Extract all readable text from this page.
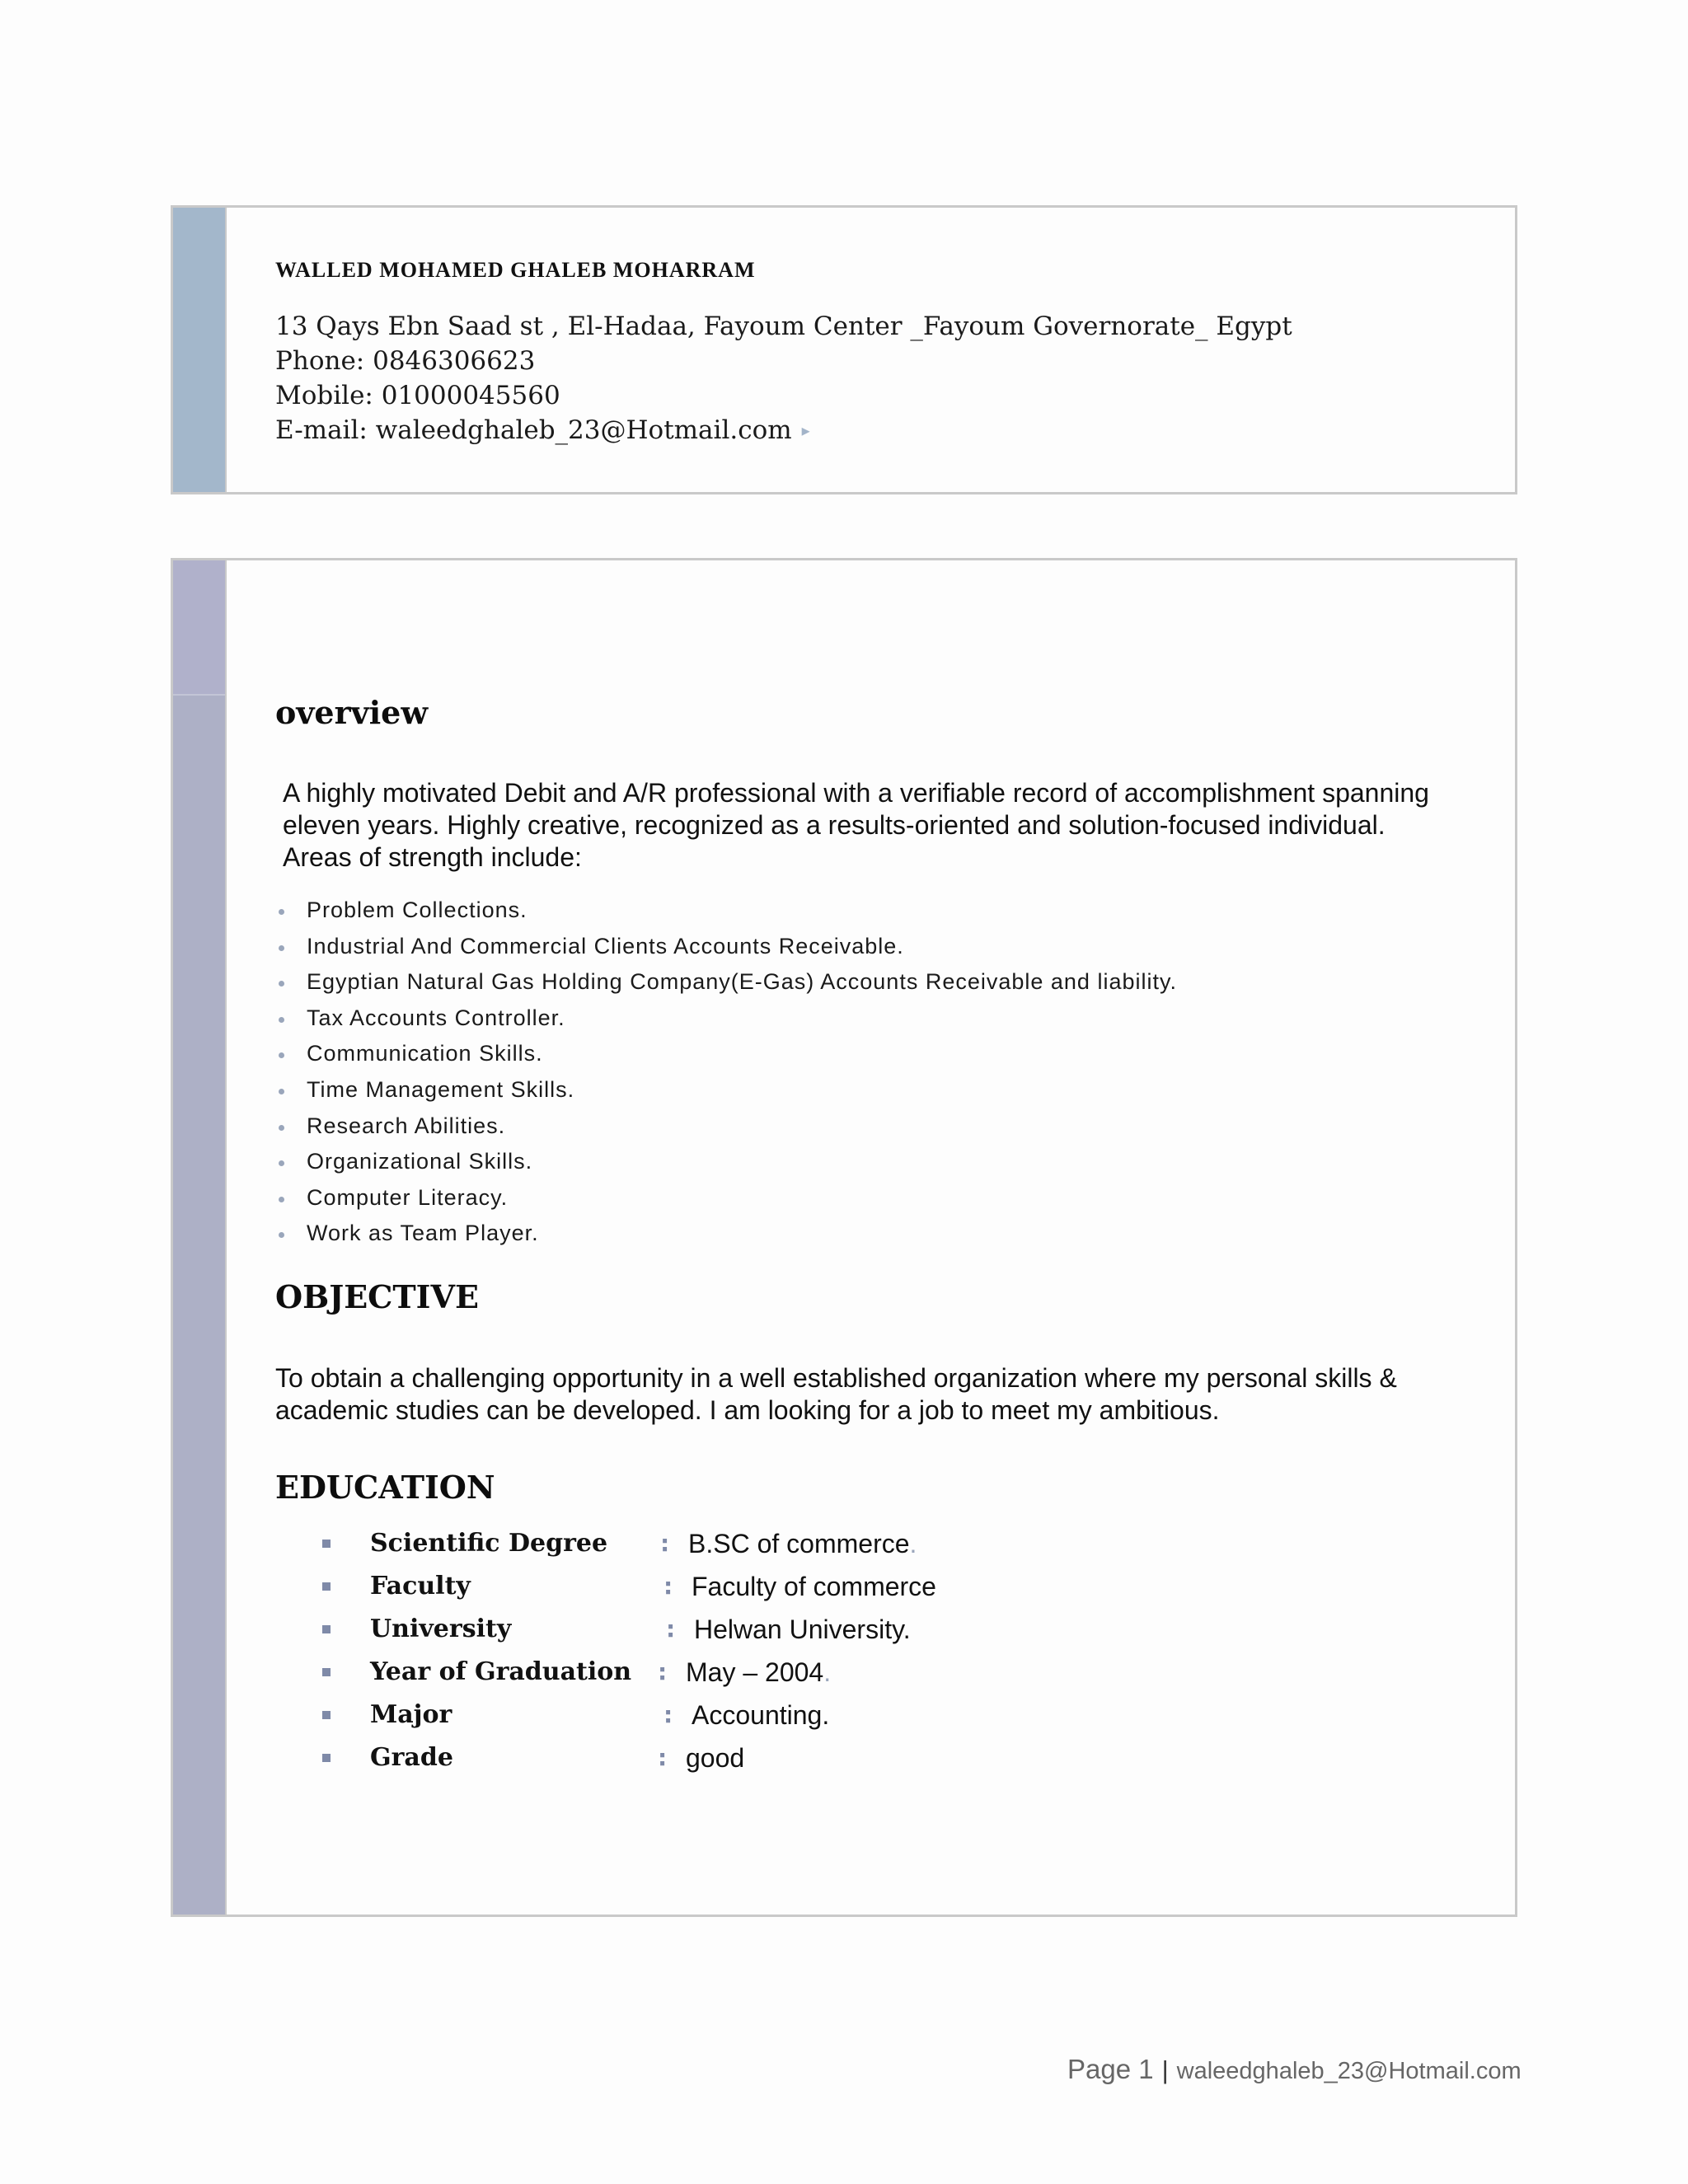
WALLED MOHAMED GHALEB MOHARRAM
13 Qays Ebn Saad st , El-Hadaa, Fayoum Center _Fayoum Governorate_ Egypt
Phone: 0846306623
Mobile: 01000045560
E-mail: waleedghaleb_23@Hotmail.com ▸
overview
A highly motivated Debit and A/R professional with a verifiable record of accomplishment spanning eleven years. Highly creative, recognized as a results-oriented and solution-focused individual. Areas of strength include:
Problem Collections.
Industrial And Commercial Clients Accounts Receivable.
Egyptian Natural Gas Holding Company(E-Gas) Accounts Receivable and liability.
Tax Accounts Controller.
Communication Skills.
Time Management Skills.
Research Abilities.
Organizational Skills.
Computer Literacy.
Work as Team Player.
OBJECTIVE
To obtain a challenging opportunity in a well established organization where my personal skills & academic studies can be developed. I am looking for a job to meet my ambitious.
EDUCATION
Scientific Degree : B.SC of commerce.
Faculty	: Faculty of commerce
University	: Helwan University.
Year of Graduation : May – 2004.
Major	: Accounting.
Grade	: good
Page 1 | waleedghaleb_23@Hotmail.com
